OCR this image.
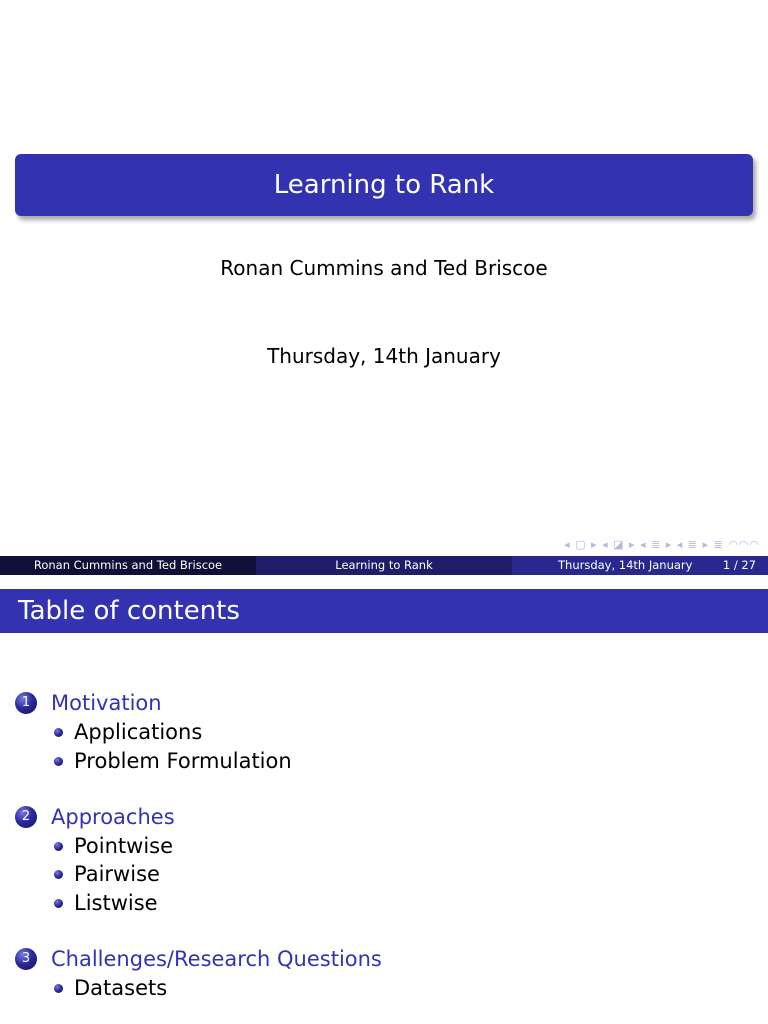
Learning to Rank
Ronan Cummins and Ted Briscoe
Thursday, 14th January
◂ ▢ ▸ ◂ ◪ ▸ ◂ ≣ ▸ ◂ ≣ ▸ ≣ ◠◠◠
Ronan Cummins and Ted Briscoe	Learning to Rank	Thursday, 14th January	1 / 27
Table of contents
1 Motivation
Applications
Problem Formulation
2 Approaches
Pointwise
Pairwise
Listwise
3 Challenges/Research Questions
Datasets
